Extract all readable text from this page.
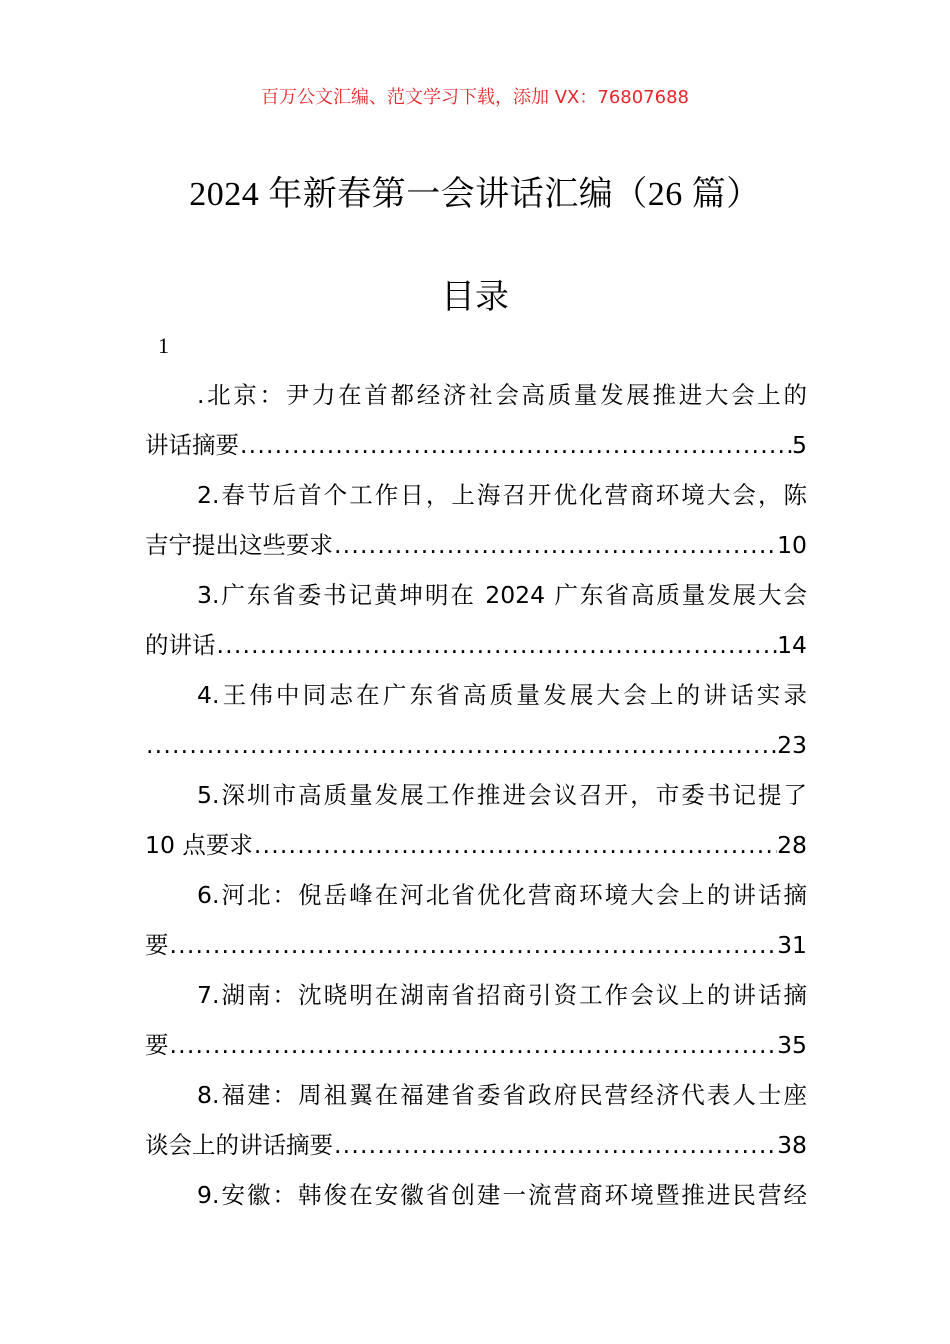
百万公文汇编、范文学习下载，添加 VX：76807688
2024 年新春第一会讲话汇编（26 篇）
目录
1
.北京：尹力在首都经济社会高质量发展推进大会上的
讲话摘要 .....	5
2.春节后首个工作日，上海召开优化营商环境大会，陈
吉宁提出这些要求 .....	10
3.广东省委书记黄坤明在 2024 广东省高质量发展大会
的讲话 .....	14
4.王伟中同志在广东省高质量发展大会上的讲话实录
.....
23
5.深圳市高质量发展工作推进会议召开，市委书记提了
10 点要求 .....	28
6.河北：倪岳峰在河北省优化营商环境大会上的讲话摘
要 .....	31
7.湖南：沈晓明在湖南省招商引资工作会议上的讲话摘
要 .....	35
8.福建：周祖翼在福建省委省政府民营经济代表人士座
谈会上的讲话摘要 .....	38
9.安徽：韩俊在安徽省创建一流营商环境暨推进民营经
